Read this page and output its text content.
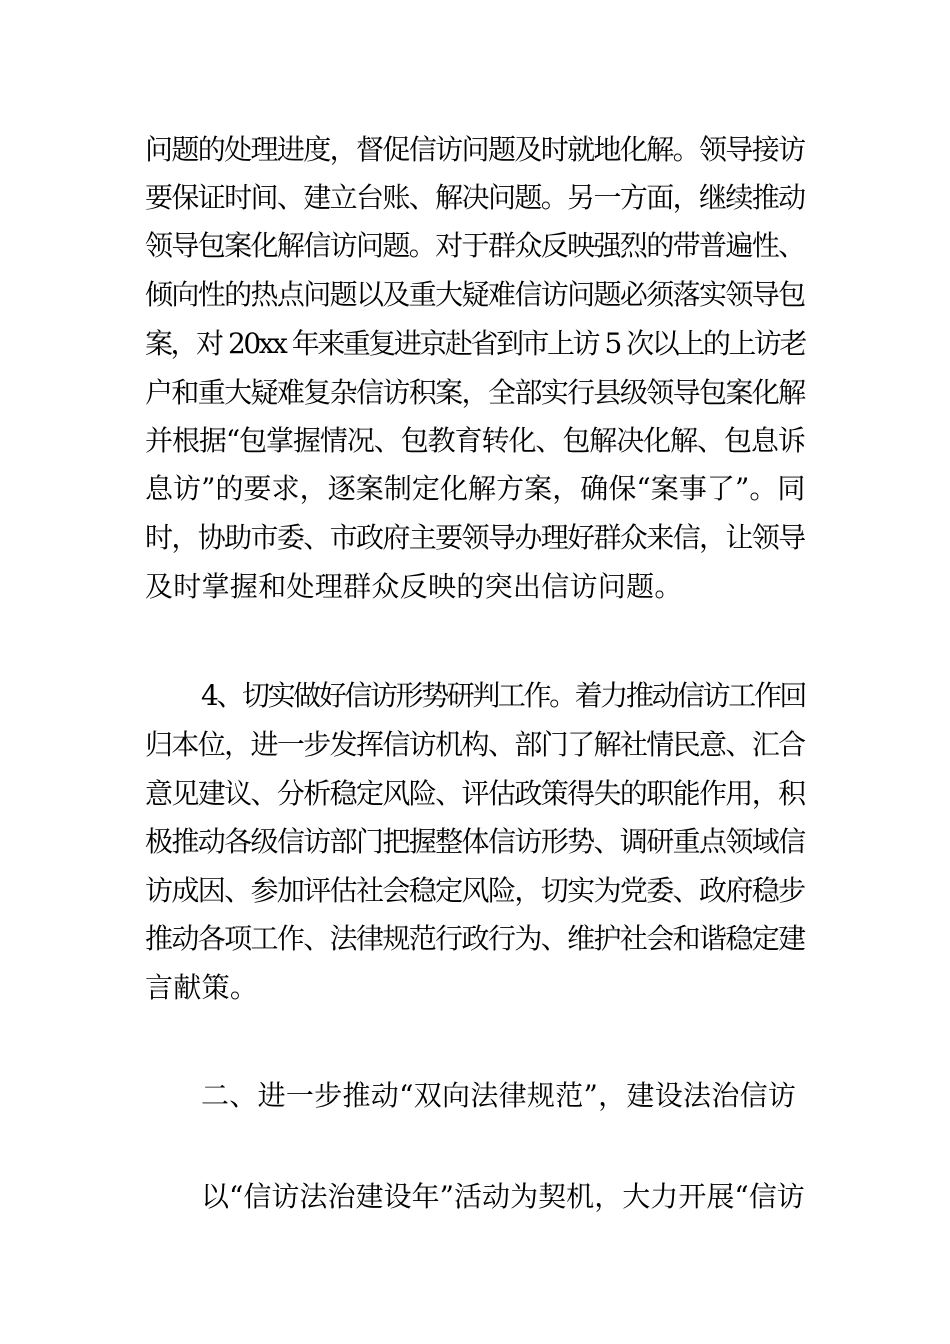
问题的处理进度，督促信访问题及时就地化解。领导接访
要保证时间、建立台账、解决问题。另一方面，继续推动
领导包案化解信访问题。对于群众反映强烈的带普遍性、
倾向性的热点问题以及重大疑难信访问题必须落实领导包
案，对 20xx 年来重复进京赴省到市上访 5 次以上的上访老
户和重大疑难复杂信访积案，全部实行县级领导包案化解
并根据“包掌握情况、包教育转化、包解决化解、包息诉
息访”的要求，逐案制定化解方案，确保“案事了”。同
时，协助市委、市政府主要领导办理好群众来信，让领导
及时掌握和处理群众反映的突出信访问题。
4、切实做好信访形势研判工作。着力推动信访工作回
归本位，进一步发挥信访机构、部门了解社情民意、汇合
意见建议、分析稳定风险、评估政策得失的职能作用，积
极推动各级信访部门把握整体信访形势、调研重点领域信
访成因、参加评估社会稳定风险，切实为党委、政府稳步
推动各项工作、法律规范行政行为、维护社会和谐稳定建
言献策。
二、进一步推动“双向法律规范”，建设法治信访
以“信访法治建设年”活动为契机，大力开展“信访
